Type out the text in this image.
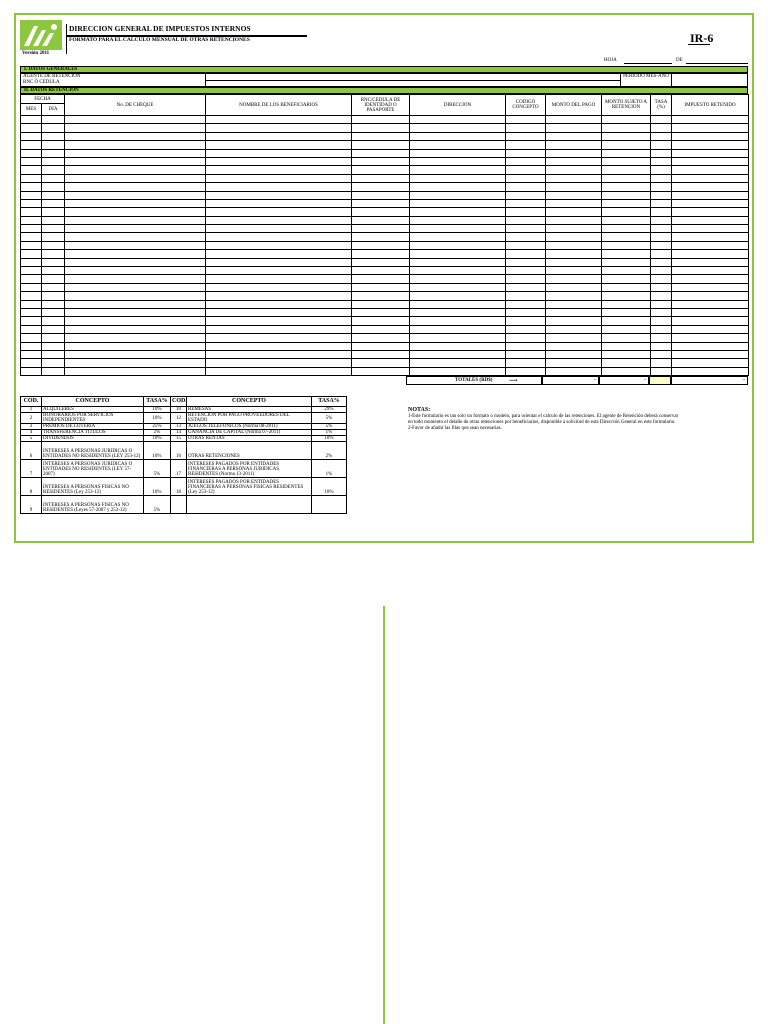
Versión 2011
DIRECCION GENERAL DE IMPUESTOS INTERNOS
FORMATO PARA EL CALCULO MENSUAL DE OTRAS RETENCIONES	IR-6
HOJA	DE
I. DATOS GENERALES
AGENTE DE RETENCION
RNC Ó CEDULA
PERIODO MES-AÑO
II. DATOS RETENCION
FECHA		No. DE CHEQUE	NOMBRE DE LOS BENEFICIARIOS	RNC/CEDULA DE IDENTIDAD O PASAPORTE	DIRECCION	CODIGO CONCEPTO	MONTO DEL PAGO	MONTO SUJETO A RETENCION	TASA (%)	IMPUESTO RETENIDO
MES	DIA									

TOTALES (RD$)	⟶	-	-	-
COD.	CONCEPTO	TASA%	COD.	CONCEPTO	TASA%
1	ALQUILERES	10%	10	REMESAS	29%
2	HONORARIOS POR SERVICIOS INDEPENDIENTES	10%	12	RETENCION POR PAGO PROVEEDORES DEL ESTADO	5%
3	PREMIOS DE LOTERIA	25%	13	JUEGOS TELEFONICOS (Norma 08-2011)	5%
4	TRANSFERENCIA TITULOS	2%	14	GANANCIA DE CAPITAL (Norma 07-2011)	1%
5	DIVIDENDOS	10%	15	OTRAS RENTAS	10%
6	INTERESES A PERSONAS JURIDICAS O ENTIDADES NO RESIDENTES (LEY 253-12)	10%	16	OTRAS RETENCIONES	2%
7	INTERESES A PERSONAS JURIDICAS O ENTIDADES NO RESIDENTES (LEY 57-2007)	5%	17	INTERESES PAGADOS POR ENTIDADES FINANCIERAS A PERSONAS JURIDICAS RESIDENTES (Norma 13-2011)	1%
8	INTERESES A PERSONAS FISICAS NO RESIDENTES (Ley 253-12)	10%	18	INTERESES PAGADOS POR ENTIDADES FINANCIERAS A PERSONAS FISICAS RESIDENTES (Ley 253-12)	10%
9	INTERESES A PERSONAS FISICAS NO RESIDENTES (Leyes 57-2007 y 253-12)	5%			
NOTAS:
1-Este formulario es tan solo un formato o modelo, para orientar el calculo de las retenciones. El agente de Retención deberá conservar en todo momento el detalle de otras retenciones por beneficiarios, disponible a solicitud de esta Dirección General en este formulario.
2-Favor de añadir las filas que sean necesarias.
